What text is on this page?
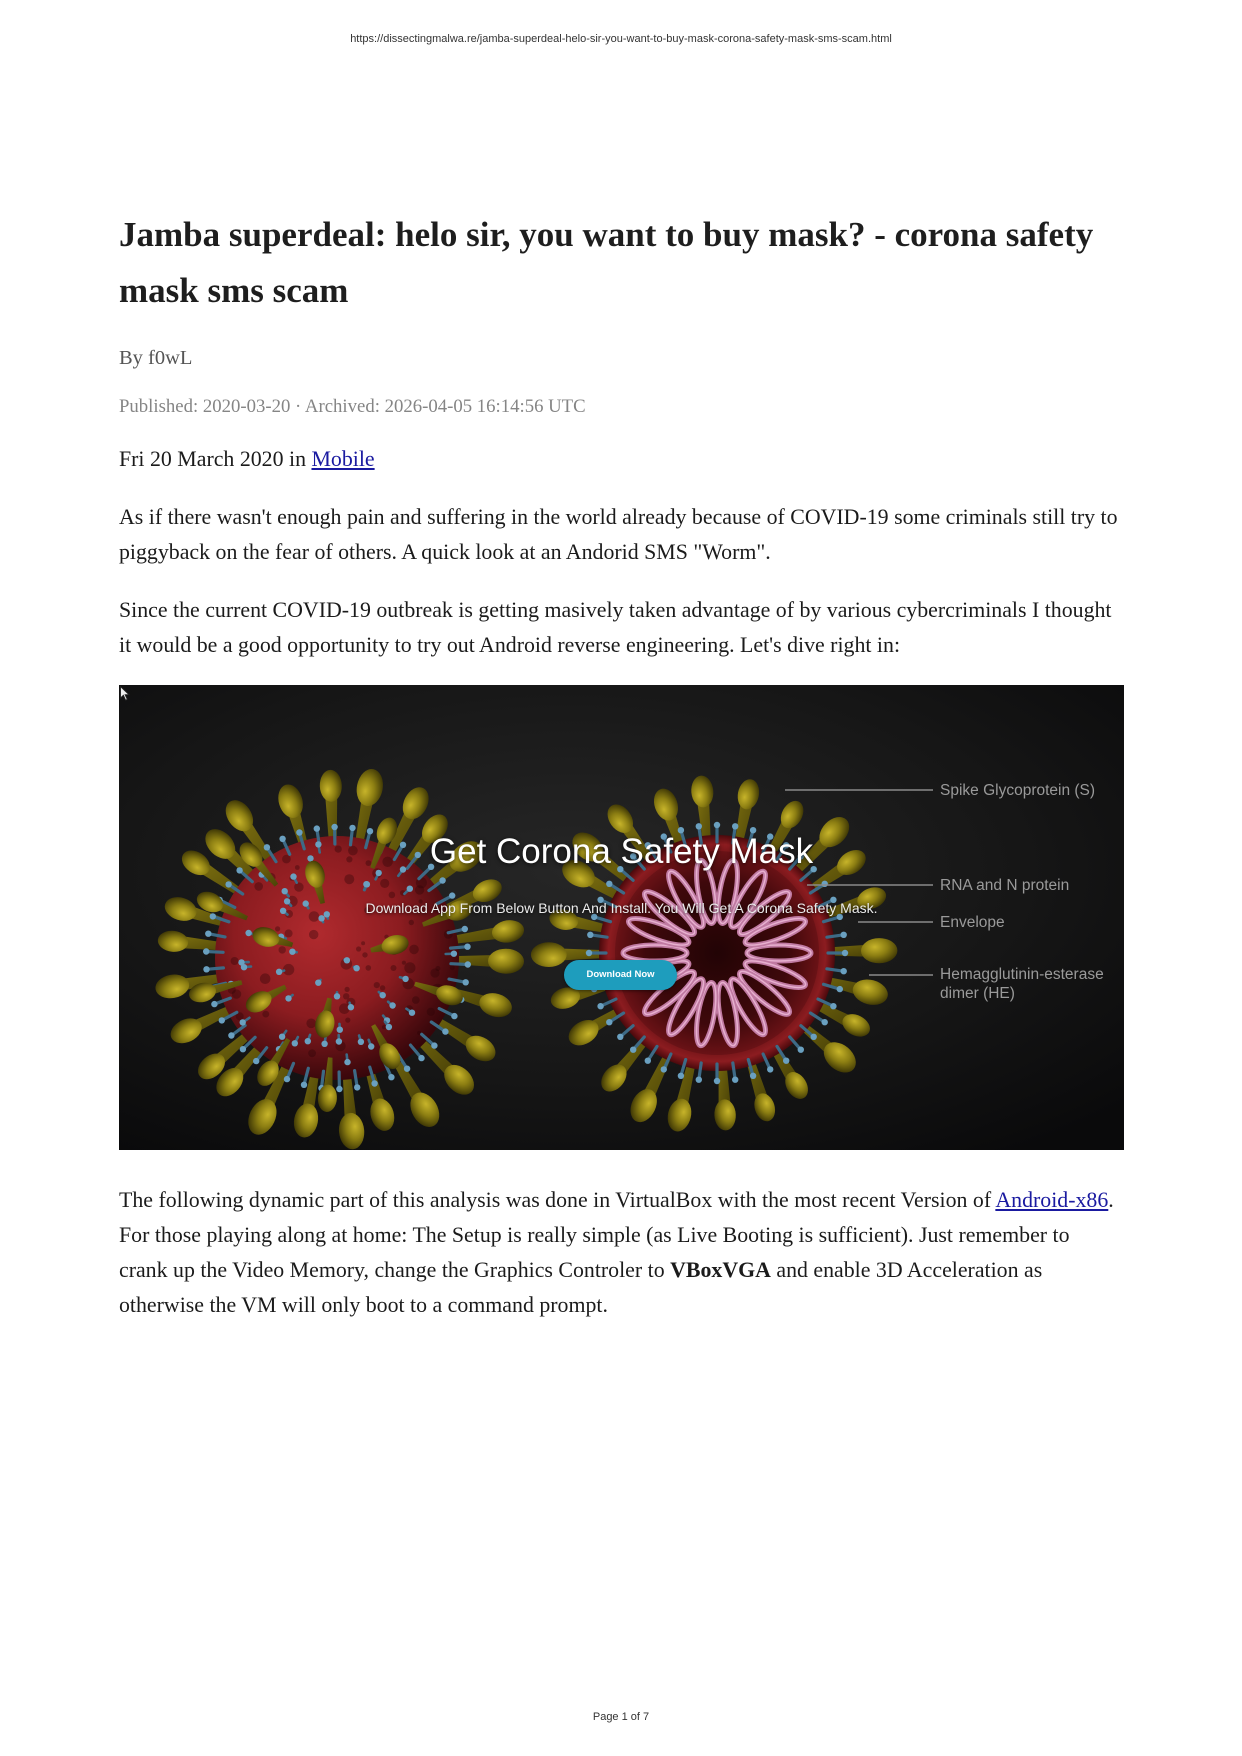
https://dissectingmalwa.re/jamba-superdeal-helo-sir-you-want-to-buy-mask-corona-safety-mask-sms-scam.html
Jamba superdeal: helo sir, you want to buy mask? - corona safety mask sms scam
By f0wL
Published: 2020-03-20 · Archived: 2026-04-05 16:14:56 UTC
Fri 20 March 2020 in Mobile
As if there wasn't enough pain and suffering in the world already because of COVID-19 some criminals still try to
piggyback on the fear of others. A quick look at an Andorid SMS "Worm".
Since the current COVID-19 outbreak is getting masively taken advantage of by various cybercriminals I thought
it would be a good opportunity to try out Android reverse engineering. Let's dive right in:
Get Corona Safety Mask
Download App From Below Button And Install. You Will Get A Corona Safety Mask.
Download Now
Spike Glycoprotein (S)
RNA and N protein
Envelope
Hemagglutinin-esterase dimer (HE)
The following dynamic part of this analysis was done in VirtualBox with the most recent Version of Android-x86.
For those playing along at home: The Setup is really simple (as Live Booting is sufficient). Just remember to
crank up the Video Memory, change the Graphics Controler to VBoxVGA and enable 3D Acceleration as
otherwise the VM will only boot to a command prompt.
Page 1 of 7
